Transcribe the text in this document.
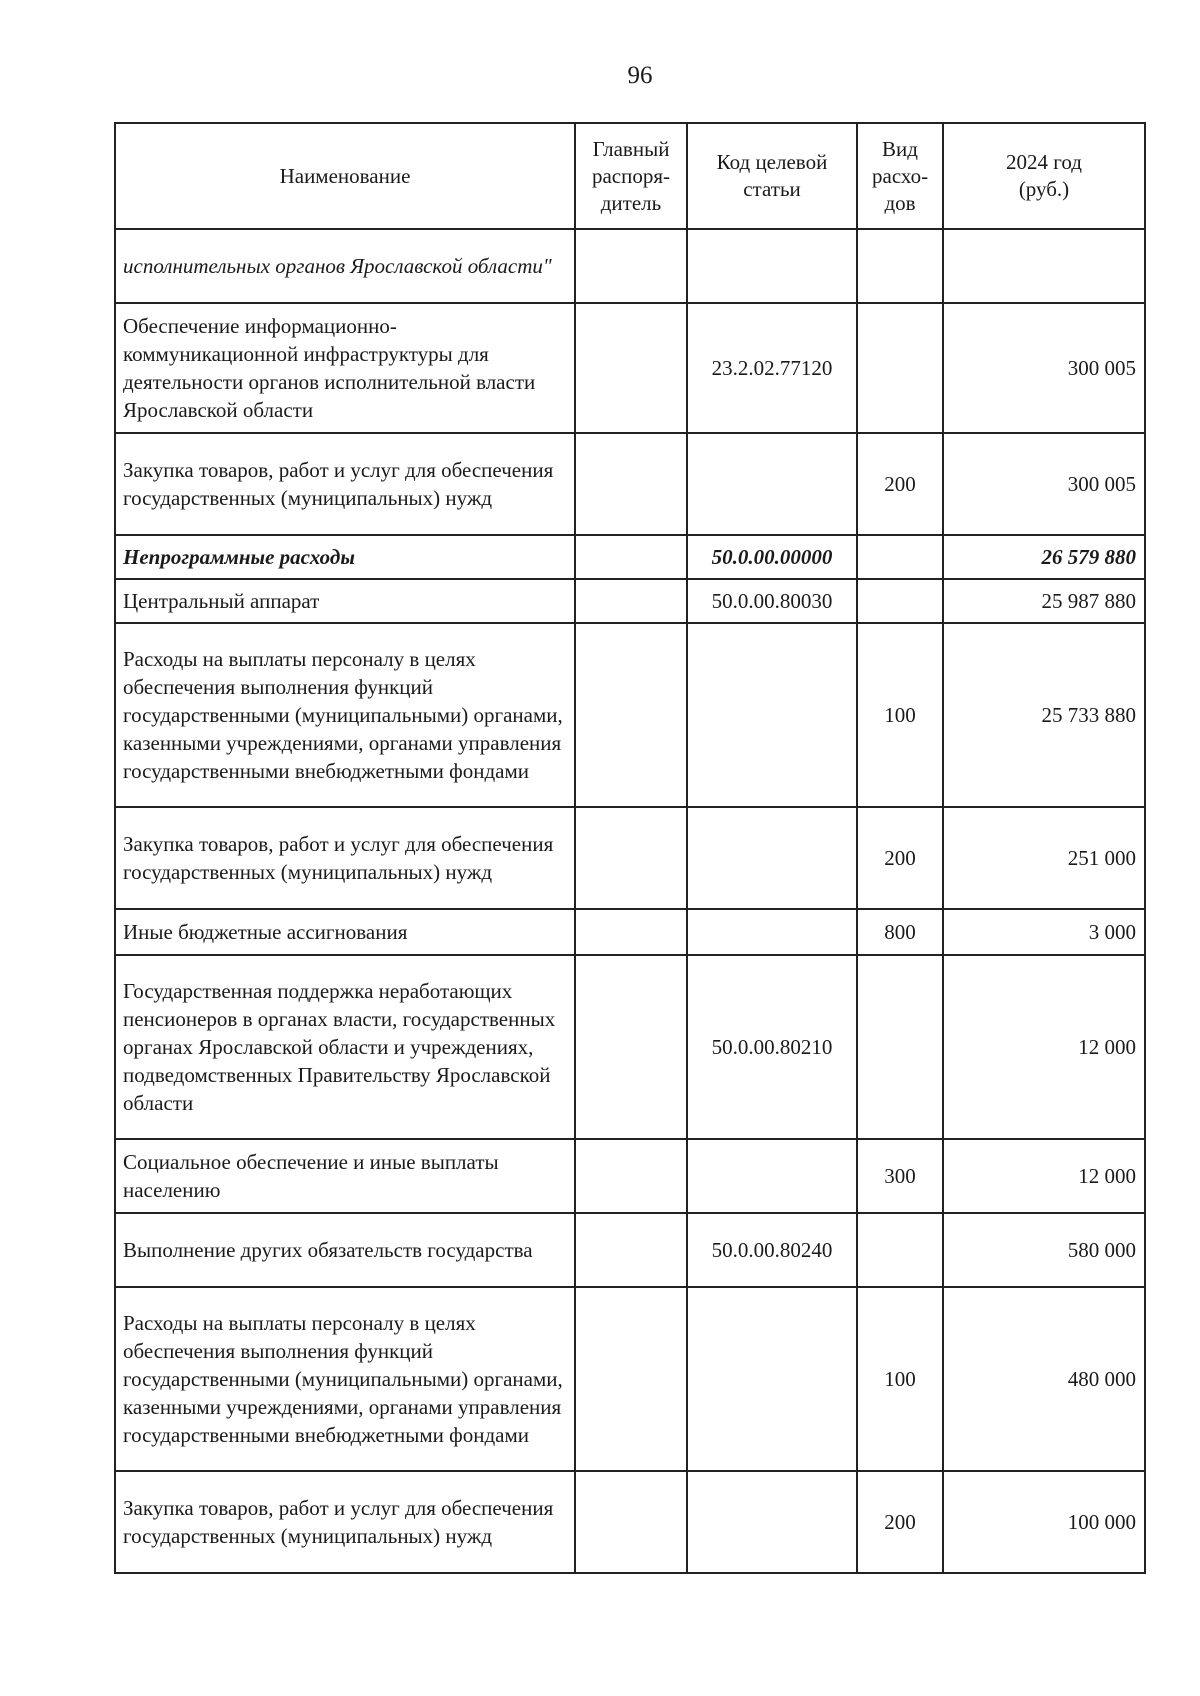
96
Наименование	Главный распоря-дитель	Код целевой статьи	Вид расхо-дов	2024 год (руб.)
исполнительных органов Ярославской области"				
Обеспечение информационно-коммуникационной инфраструктуры для деятельности органов исполнительной власти Ярославской области		23.2.02.77120		300 005
Закупка товаров, работ и услуг для обеспечения государственных (муниципальных) нужд			200	300 005
Непрограммные расходы		50.0.00.00000		26 579 880
Центральный аппарат		50.0.00.80030		25 987 880
Расходы на выплаты персоналу в целях обеспечения выполнения функций государственными (муниципальными) органами, казенными учреждениями, органами управления государственными внебюджетными фондами			100	25 733 880
Закупка товаров, работ и услуг для обеспечения государственных (муниципальных) нужд			200	251 000
Иные бюджетные ассигнования			800	3 000
Государственная поддержка неработающих пенсионеров в органах власти, государственных органах Ярославской области и учреждениях, подведомственных Правительству Ярославской области		50.0.00.80210		12 000
Социальное обеспечение и иные выплаты населению			300	12 000
Выполнение других обязательств государства		50.0.00.80240		580 000
Расходы на выплаты персоналу в целях обеспечения выполнения функций государственными (муниципальными) органами, казенными учреждениями, органами управления государственными внебюджетными фондами			100	480 000
Закупка товаров, работ и услуг для обеспечения государственных (муниципальных) нужд			200	100 000
